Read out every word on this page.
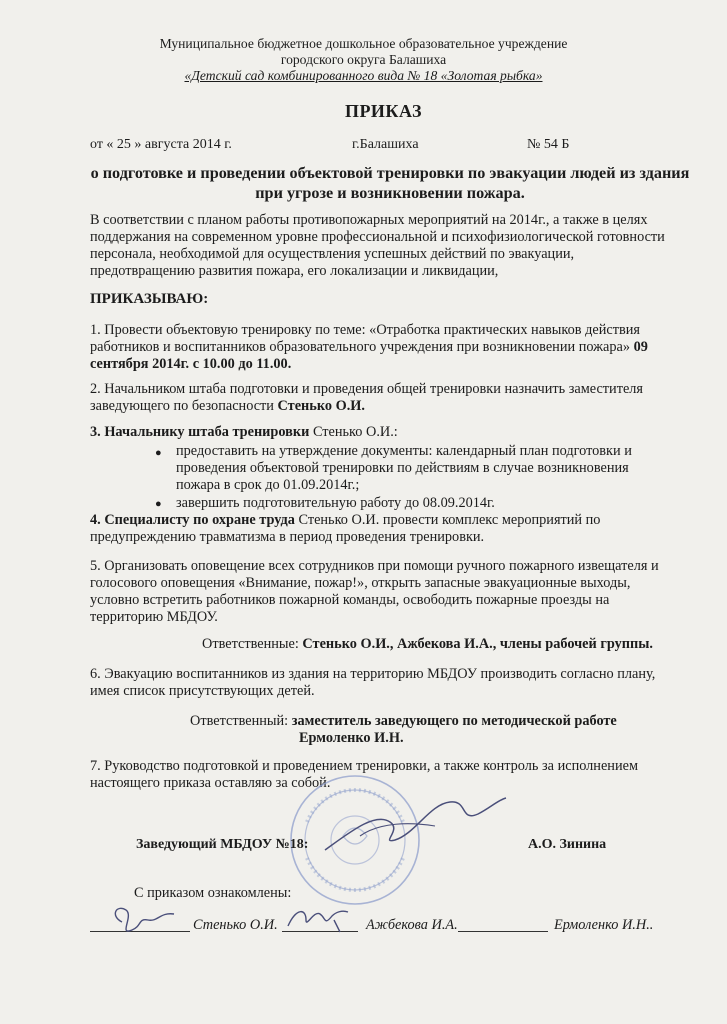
Муниципальное бюджетное дошкольное образовательное учреждение
городского округа Балашиха
«Детский сад комбинированного вида № 18 «Золотая рыбка»
ПРИКАЗ
от « 25 » августа 2014 г.	г.Балашиха	№ 54 Б
о подготовке и проведении объектовой тренировки по эвакуации людей из здания при угрозе и возникновении пожара.
В соответствии с планом работы противопожарных мероприятий на 2014г., а также в целях поддержания на современном уровне профессиональной и психофизиологической готовности персонала, необходимой для осуществления успешных действий по эвакуации, предотвращению развития пожара, его локализации и ликвидации,
ПРИКАЗЫВАЮ:
1. Провести объектовую тренировку по теме: «Отработка практических навыков действия работников и воспитанников образовательного учреждения при возникновении пожара» 09 сентября 2014г. с 10.00 до 11.00.
2. Начальником штаба подготовки и проведения общей тренировки назначить заместителя заведующего по безопасности Стенько О.И.
3. Начальнику штаба тренировки Стенько О.И.:
● предоставить на утверждение документы: календарный план подготовки и проведения объектовой тренировки по действиям в случае возникновения пожара в срок до 01.09.2014г.;
● завершить подготовительную работу до 08.09.2014г.
4. Специалисту по охране труда Стенько О.И. провести комплекс мероприятий по предупреждению травматизма в период проведения тренировки.
5. Организовать оповещение всех сотрудников при помощи ручного пожарного извещателя и голосового оповещения «Внимание, пожар!», открыть запасные эвакуационные выходы, условно встретить работников пожарной команды, освободить пожарные проезды на территорию МБДОУ.
Ответственные: Стенько О.И., Ажбекова И.А., члены рабочей группы.
6. Эвакуацию воспитанников из здания на территорию МБДОУ производить согласно плану, имея список присутствующих детей.
Ответственный: заместитель заведующего по методической работе
Ермоленко И.Н.
7. Руководство подготовкой и проведением тренировки, а также контроль за исполнением настоящего приказа оставляю за собой.
Заведующий МБДОУ №18:	А.О. Зинина
С приказом ознакомлены:
Стенько О.И.	Ажбекова И.А.	Ермоленко И.Н..
